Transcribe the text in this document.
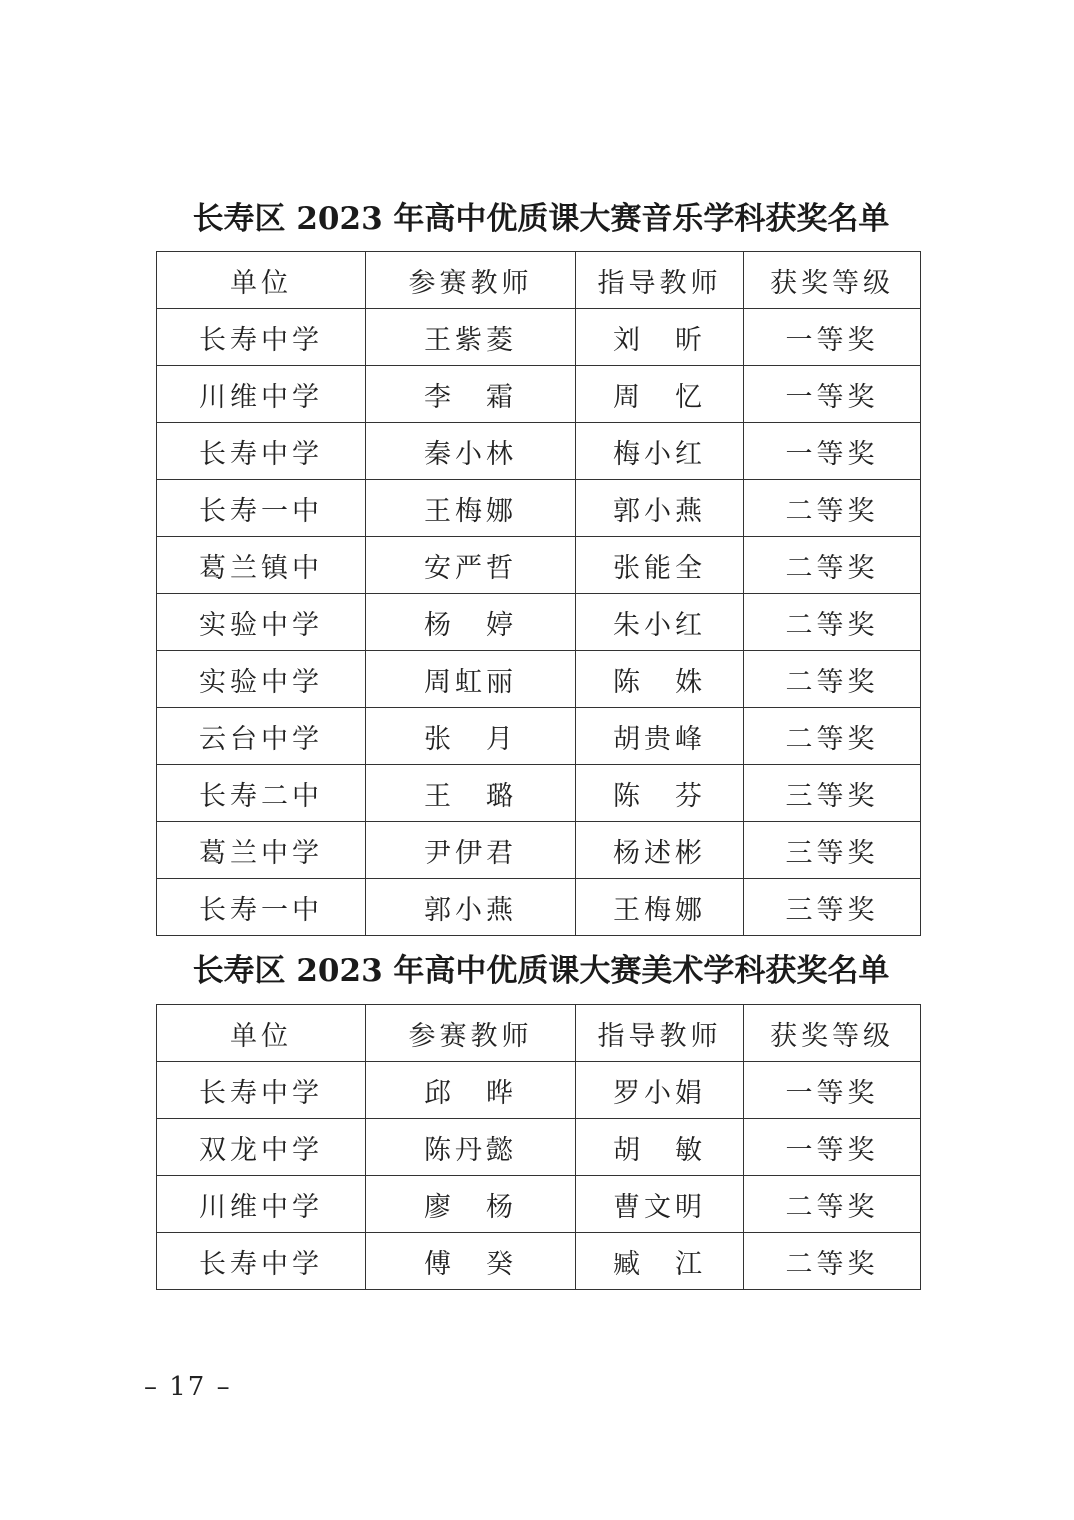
长寿区 2023 年高中优质课大赛音乐学科获奖名单
单位	参赛教师	指导教师	获奖等级
长寿中学	王紫菱	刘　昕	一等奖
川维中学	李　霜	周　忆	一等奖
长寿中学	秦小林	梅小红	一等奖
长寿一中	王梅娜	郭小燕	二等奖
葛兰镇中	安严哲	张能全	二等奖
实验中学	杨　婷	朱小红	二等奖
实验中学	周虹丽	陈　姝	二等奖
云台中学	张　月	胡贵峰	二等奖
长寿二中	王　璐	陈　芬	三等奖
葛兰中学	尹伊君	杨述彬	三等奖
长寿一中	郭小燕	王梅娜	三等奖
长寿区 2023 年高中优质课大赛美术学科获奖名单
单位	参赛教师	指导教师	获奖等级
长寿中学	邱　晔	罗小娟	一等奖
双龙中学	陈丹懿	胡　敏	一等奖
川维中学	廖　杨	曹文明	二等奖
长寿中学	傅　癸	臧　江	二等奖
– 17 –
